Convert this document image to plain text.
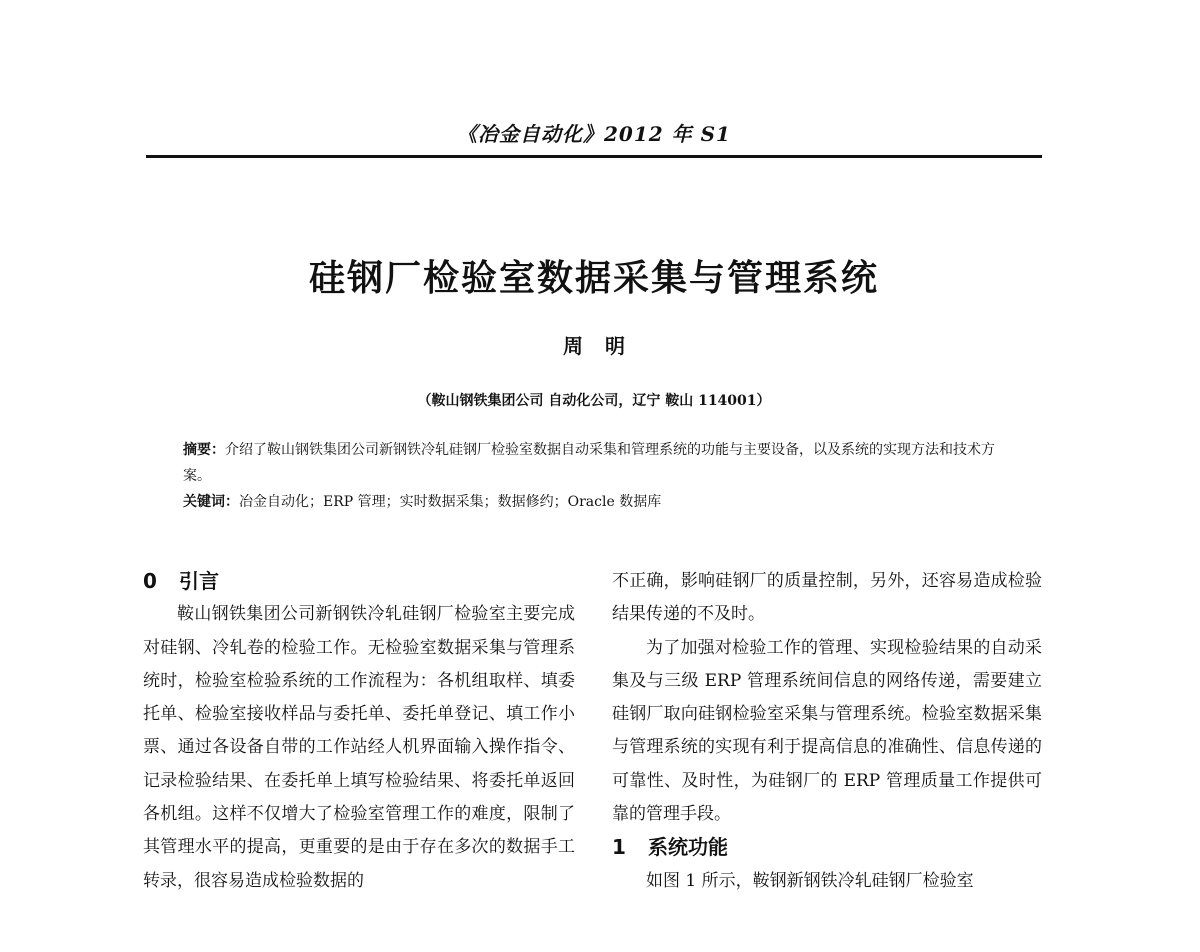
《冶金自动化》2012 年 S1
硅钢厂检验室数据采集与管理系统
周明
（鞍山钢铁集团公司 自动化公司，辽宁 鞍山 114001）

摘要：介绍了鞍山钢铁集团公司新钢铁冷轧硅钢厂检验室数据自动采集和管理系统的功能与主要设备，以及系统的实现方法和技术方案。

关键词：冶金自动化；ERP 管理；实时数据采集；数据修约；Oracle 数据库

0 引言

鞍山钢铁集团公司新钢铁冷轧硅钢厂检验室主要完成对硅钢、冷轧卷的检验工作。无检验室数据采集与管理系统时，检验室检验系统的工作流程为：各机组取样、填委托单、检验室接收样品与委托单、委托单登记、填工作小票、通过各设备自带的工作站经人机界面输入操作指令、记录检验结果、在委托单上填写检验结果、将委托单返回各机组。这样不仅增大了检验室管理工作的难度，限制了其管理水平的提高，更重要的是由于存在多次的数据手工转录，很容易造成检验数据的

不正确，影响硅钢厂的质量控制，另外，还容易造成检验结果传递的不及时。

为了加强对检验工作的管理、实现检验结果的自动采集及与三级 ERP 管理系统间信息的网络传递，需要建立硅钢厂取向硅钢检验室采集与管理系统。检验室数据采集与管理系统的实现有利于提高信息的准确性、信息传递的可靠性、及时性，为硅钢厂的 ERP 管理质量工作提供可靠的管理手段。

1 系统功能

如图 1 所示，鞍钢新钢铁冷轧硅钢厂检验室
